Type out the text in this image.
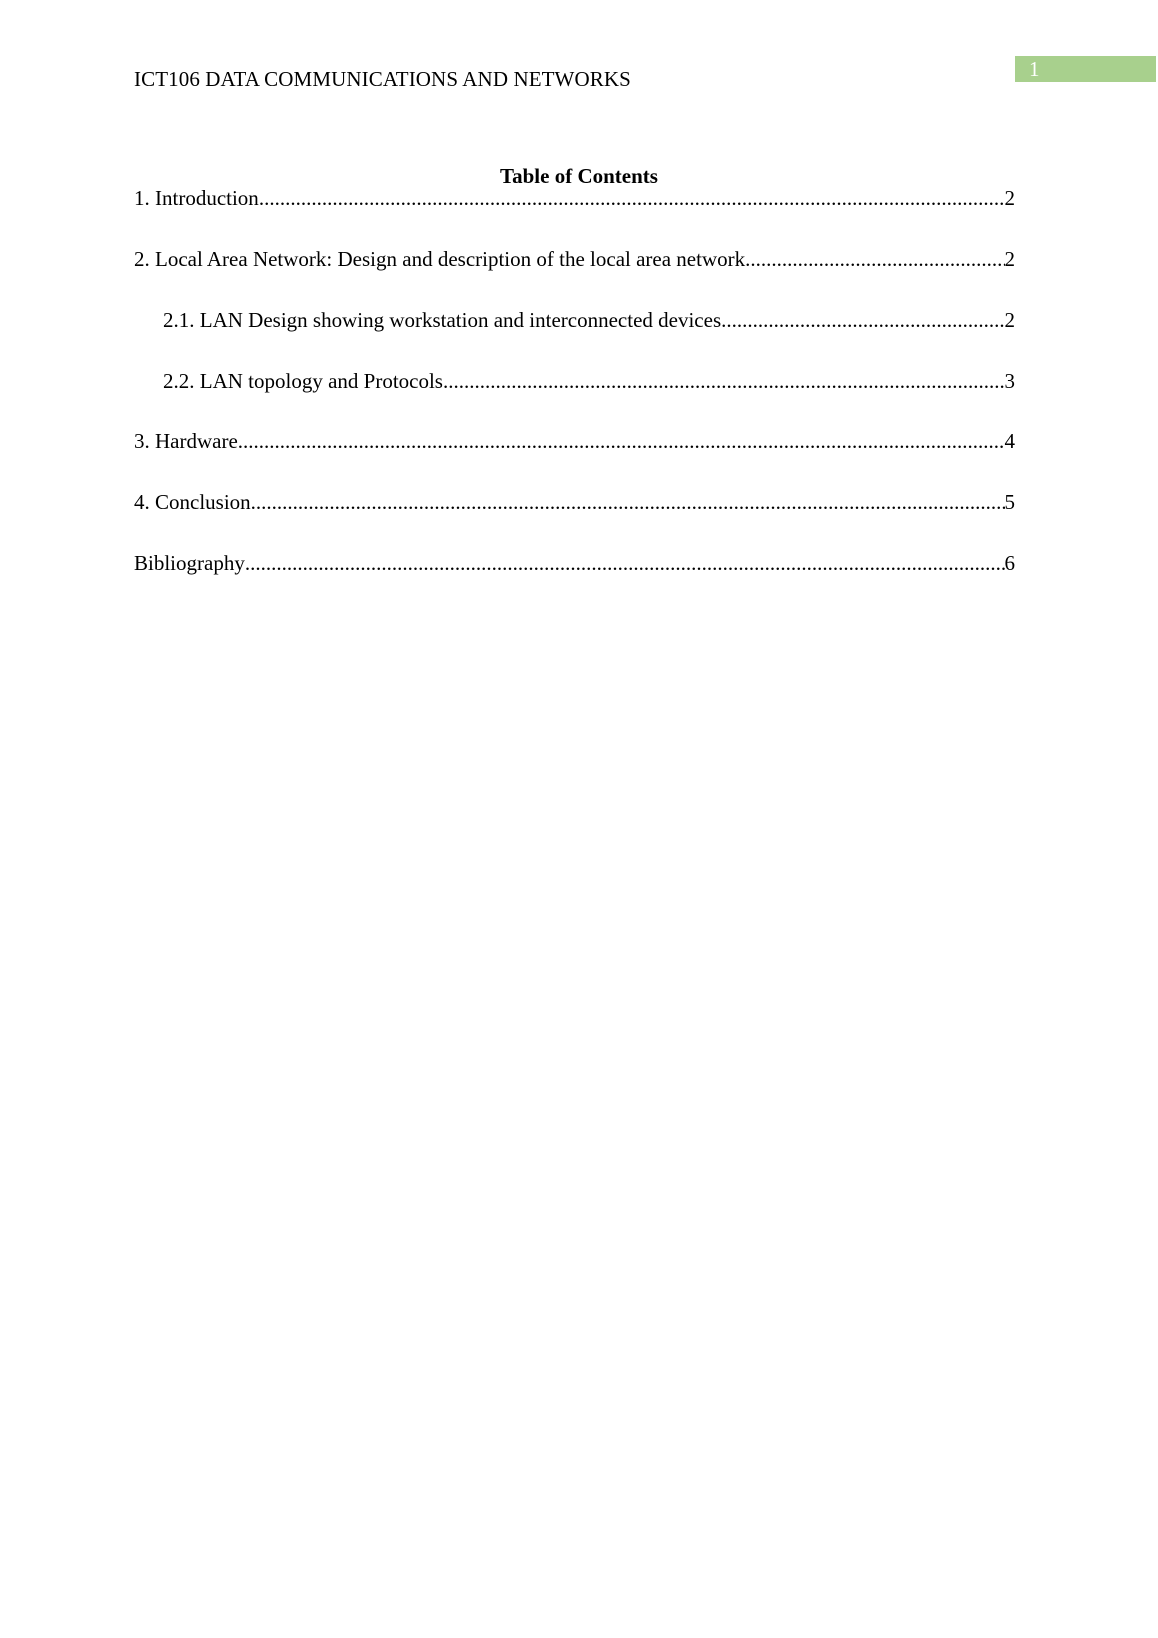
ICT106 DATA COMMUNICATIONS AND NETWORKS	1
Table of Contents
1. Introduction .....	2
2. Local Area Network: Design and description of the local area network .....	2
2.1. LAN Design showing workstation and interconnected devices .....	2
2.2. LAN topology and Protocols .....	3
3. Hardware .....	4
4. Conclusion .....	5
Bibliography .....	6
